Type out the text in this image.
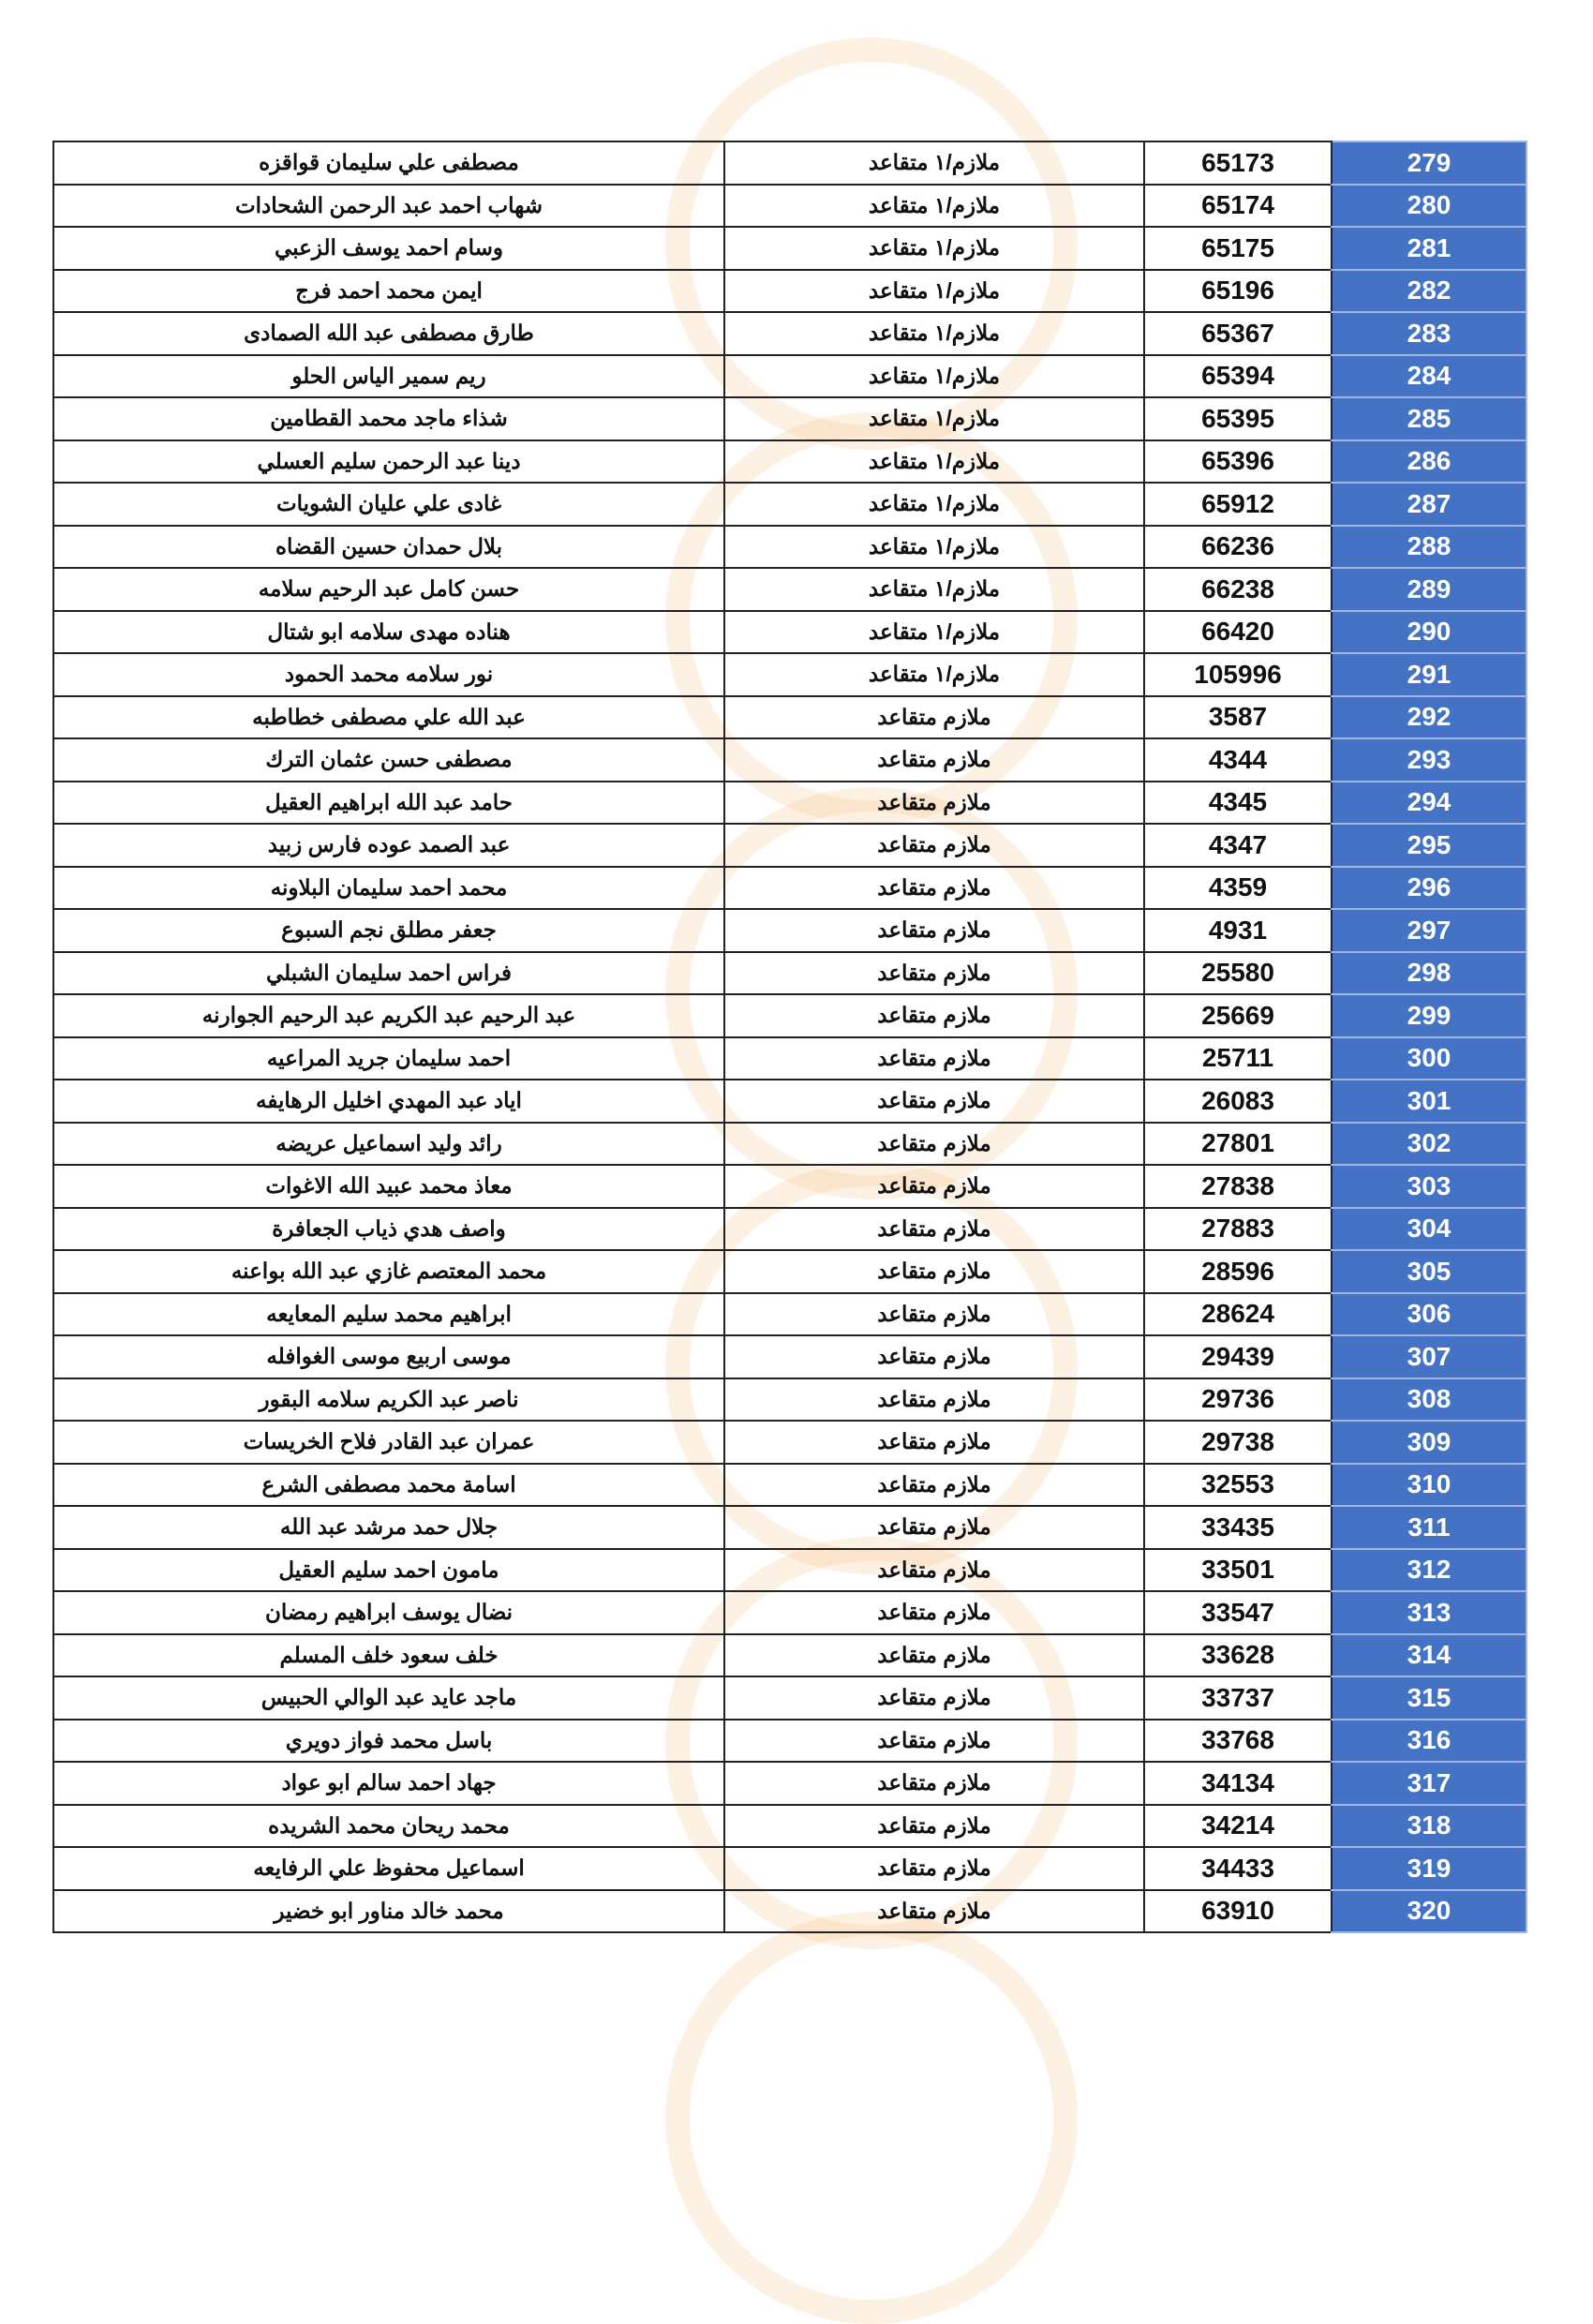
279	65173	ملازم/١ متقاعد	مصطفى علي سليمان قواقزه
280	65174	ملازم/١ متقاعد	شهاب احمد عبد الرحمن الشحادات
281	65175	ملازم/١ متقاعد	وسام احمد يوسف الزعبي
282	65196	ملازم/١ متقاعد	ايمن محمد احمد فرج
283	65367	ملازم/١ متقاعد	طارق مصطفى عبد الله الصمادى
284	65394	ملازم/١ متقاعد	ريم سمير الياس الحلو
285	65395	ملازم/١ متقاعد	شذاء ماجد محمد القطامين
286	65396	ملازم/١ متقاعد	دينا عبد الرحمن سليم العسلي
287	65912	ملازم/١ متقاعد	غادى علي عليان الشويات
288	66236	ملازم/١ متقاعد	بلال حمدان حسين القضاه
289	66238	ملازم/١ متقاعد	حسن كامل عبد الرحيم سلامه
290	66420	ملازم/١ متقاعد	هناده مهدى سلامه ابو شتال
291	105996	ملازم/١ متقاعد	نور سلامه محمد الحمود
292	3587	ملازم متقاعد	عبد الله علي مصطفى خطاطبه
293	4344	ملازم متقاعد	مصطفى حسن عثمان الترك
294	4345	ملازم متقاعد	حامد عبد الله ابراهيم العقيل
295	4347	ملازم متقاعد	عبد الصمد عوده فارس زبيد
296	4359	ملازم متقاعد	محمد احمد سليمان البلاونه
297	4931	ملازم متقاعد	جعفر مطلق نجم السبوع
298	25580	ملازم متقاعد	فراس احمد سليمان الشبلي
299	25669	ملازم متقاعد	عبد الرحيم عبد الكريم عبد الرحيم الجوارنه
300	25711	ملازم متقاعد	احمد سليمان جريد المراعيه
301	26083	ملازم متقاعد	اياد عبد المهدي اخليل الرهايفه
302	27801	ملازم متقاعد	رائد وليد اسماعيل عريضه
303	27838	ملازم متقاعد	معاذ محمد عبيد الله الاغوات
304	27883	ملازم متقاعد	واصف هدي ذياب الجعافرة
305	28596	ملازم متقاعد	محمد المعتصم غازي عبد الله بواعنه
306	28624	ملازم متقاعد	ابراهيم محمد سليم المعايعه
307	29439	ملازم متقاعد	موسى اربيع موسى الغوافله
308	29736	ملازم متقاعد	ناصر عبد الكريم سلامه البقور
309	29738	ملازم متقاعد	عمران عبد القادر فلاح الخريسات
310	32553	ملازم متقاعد	اسامة محمد مصطفى الشرع
311	33435	ملازم متقاعد	جلال حمد مرشد عبد الله
312	33501	ملازم متقاعد	مامون احمد سليم العقيل
313	33547	ملازم متقاعد	نضال يوسف ابراهيم رمضان
314	33628	ملازم متقاعد	خلف سعود خلف المسلم
315	33737	ملازم متقاعد	ماجد عايد عبد الوالي الحبيس
316	33768	ملازم متقاعد	باسل محمد فواز دويري
317	34134	ملازم متقاعد	جهاد احمد سالم ابو عواد
318	34214	ملازم متقاعد	محمد ريحان محمد الشريده
319	34433	ملازم متقاعد	اسماعيل محفوظ علي الرفايعه
320	63910	ملازم متقاعد	محمد خالد مناور ابو خضير
